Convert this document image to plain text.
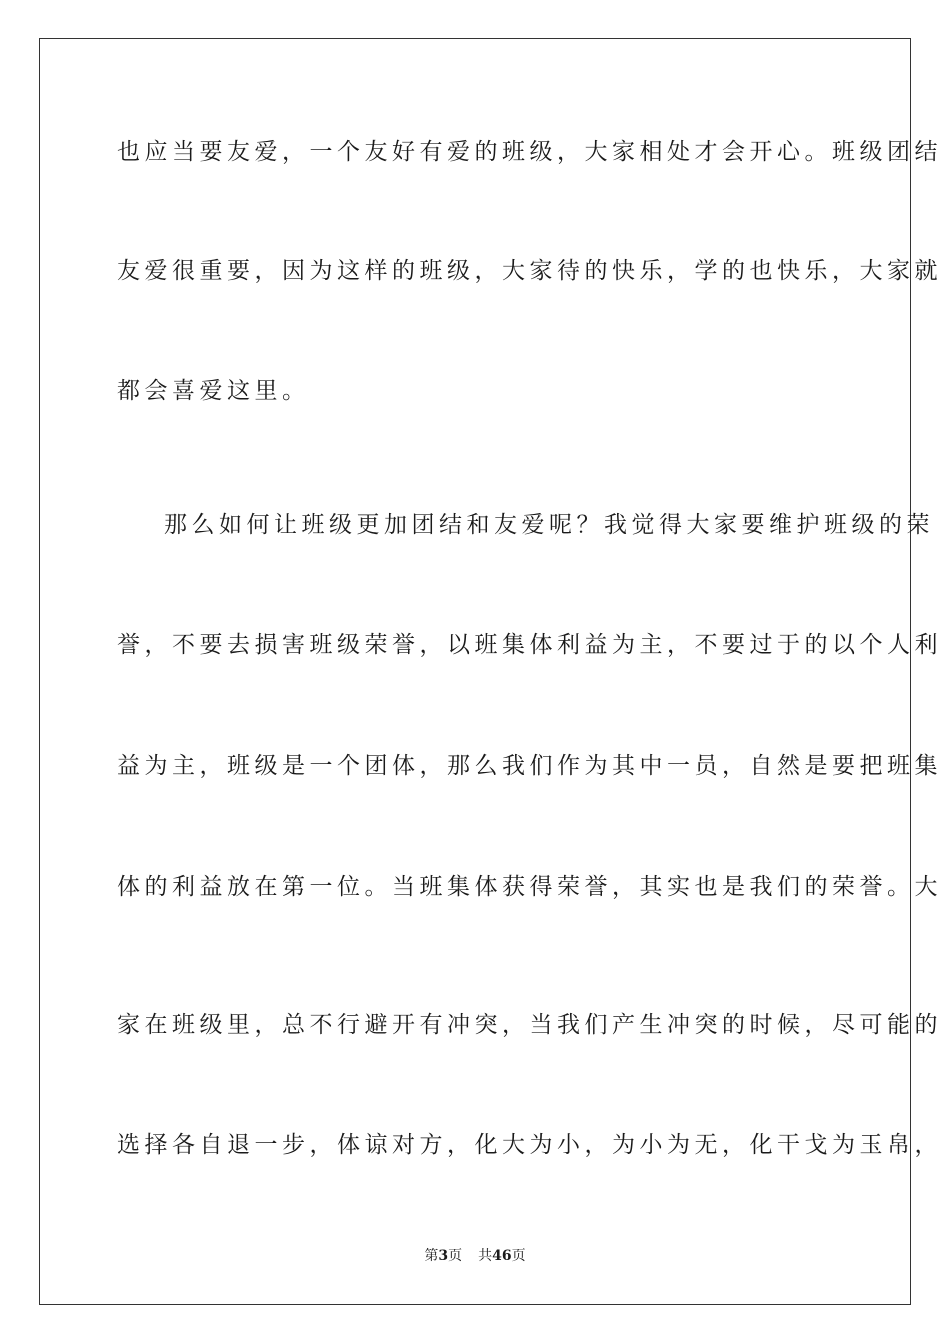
也应当要友爱，一个友好有爱的班级，大家相处才会开心。班级团结
友爱很重要，因为这样的班级，大家待的快乐，学的也快乐，大家就
都会喜爱这里。
那么如何让班级更加团结和友爱呢？我觉得大家要维护班级的荣
誉，不要去损害班级荣誉，以班集体利益为主，不要过于的以个人利
益为主，班级是一个团体，那么我们作为其中一员，自然是要把班集
体的利益放在第一位。当班集体获得荣誉，其实也是我们的荣誉。大
家在班级里，总不行避开有冲突，当我们产生冲突的时候，尽可能的
选择各自退一步，体谅对方，化大为小，为小为无，化干戈为玉帛，
第3页 共46页
